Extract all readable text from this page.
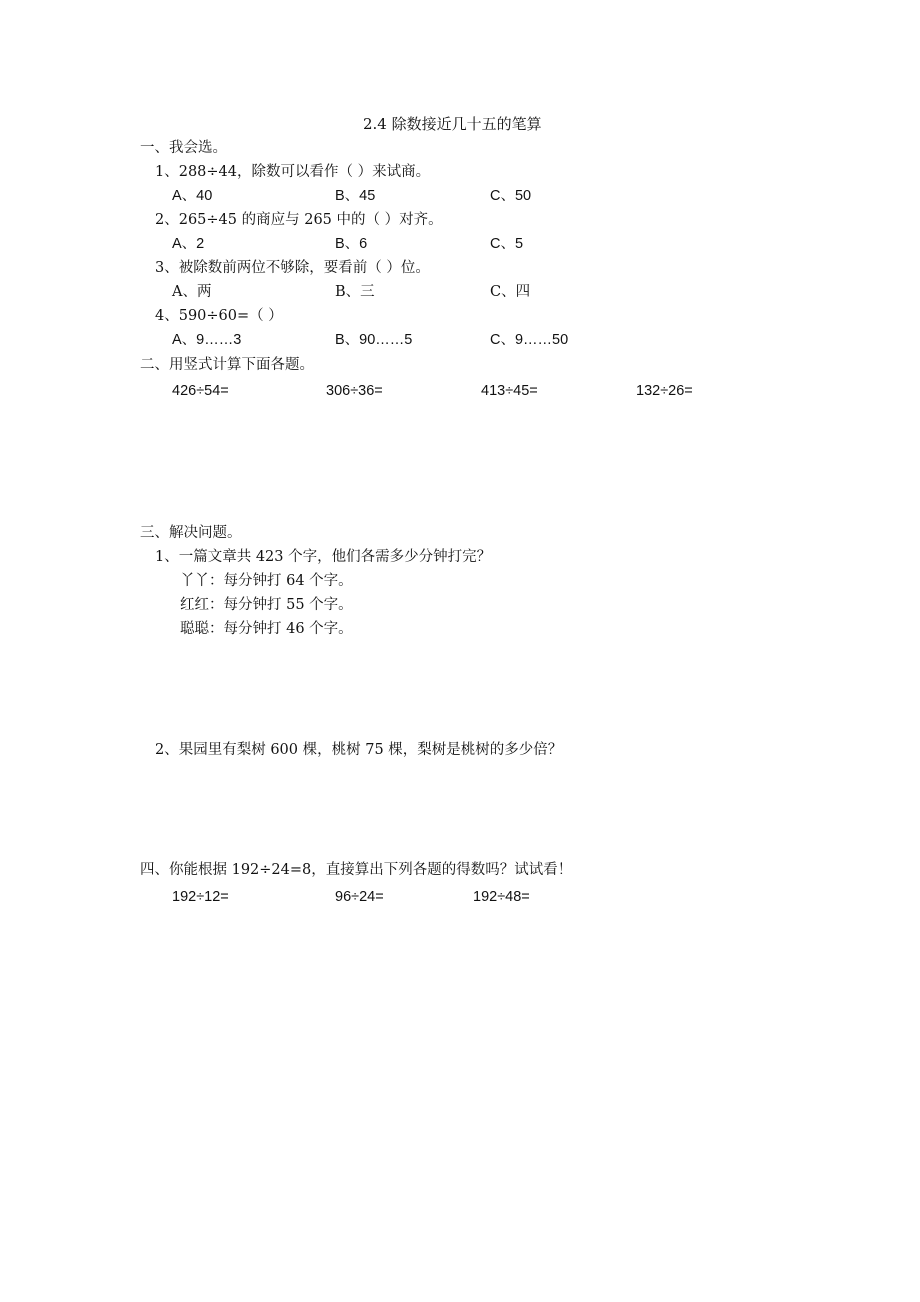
2.4 除数接近几十五的笔算
一、我会选。
1、288÷44，除数可以看作（ ）来试商。
A、40	B、45	C、50
2、265÷45 的商应与 265 中的（ ）对齐。
A、2	B、6	C、5
3、被除数前两位不够除，要看前（ ）位。
A、两	B、三	C、四
4、590÷60=（ ）
A、9……3	B、90……5	C、9……50
二、用竖式计算下面各题。
426÷54=	306÷36=	413÷45=	132÷26=
三、解决问题。
1、一篇文章共 423 个字，他们各需多少分钟打完？
丫丫：每分钟打 64 个字。
红红：每分钟打 55 个字。
聪聪：每分钟打 46 个字。
2、果园里有梨树 600 棵，桃树 75 棵，梨树是桃树的多少倍？
四、你能根据 192÷24=8，直接算出下列各题的得数吗？试试看！
192÷12=	96÷24=	192÷48=
